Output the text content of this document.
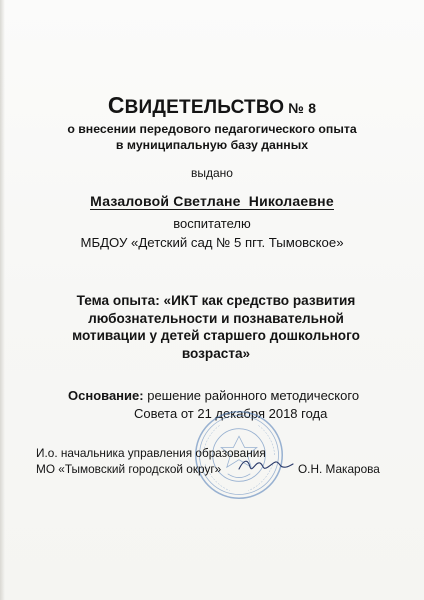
СВИДЕТЕЛЬСТВО № 8
о внесении передового педагогического опыта
в муниципальную базу данных
выдано
Мазаловой Светлане  Николаевне
воспитателю
МБДОУ «Детский сад № 5 пгт. Тымовское»
Тема опыта: «ИКТ как средство развития любознательности и познавательной мотивации у детей старшего дошкольного возраста»
Основание: решение районного методического
Совета от 21 декабря 2018 года
И.о. начальника управления образования
МО «Тымовский городской округ»	О.Н. Макарова
